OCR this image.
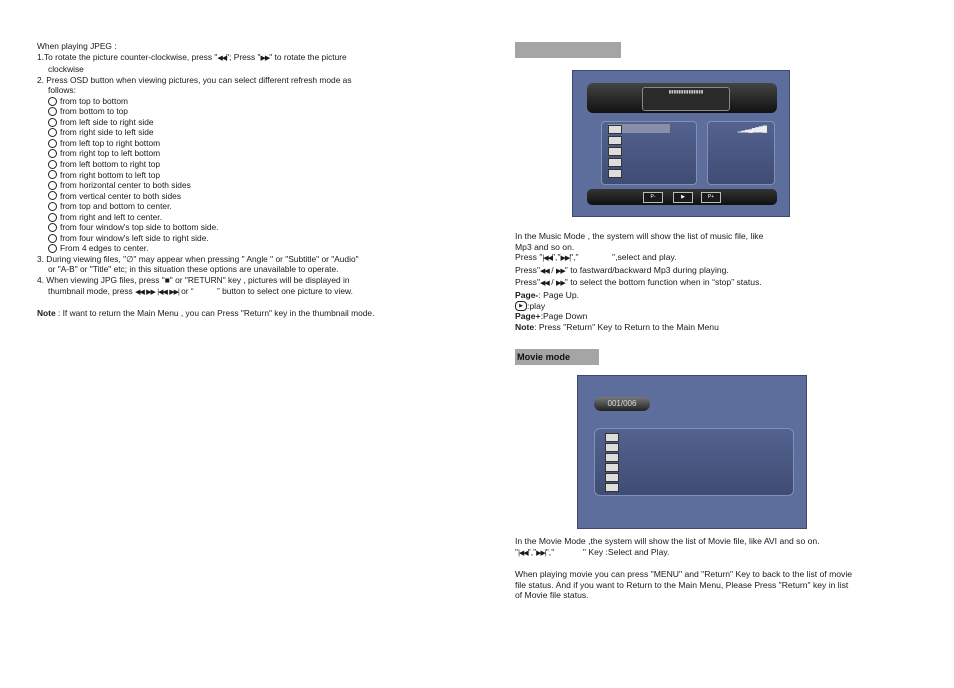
When playing JPEG :
1.To rotate the picture counter-clockwise, press "◀◀"; Press "▶▶" to rotate the picture
clockwise
2. Press OSD button when viewing pictures, you can select different refresh mode as
follows:
from top to bottom
from bottom to top
from left side to right side
from right side to left side
from left top to right bottom
from right top to left bottom
from left bottom to right top
from right bottom to left top
from horizontal center to both sides
from vertical center to both sides
from top and bottom to center.
from right and left to center.
from four window's top side to bottom side.
from four window's left side to right side.
From 4 edges to center.
3. During viewing files, "∅" may appear when pressing " Angle " or "Subtitle" or "Audio"
or "A-B" or "Title" etc; in this situation these options are unavailable to operate.
4. When viewing JPG files, press "■" or "RETURN" key , pictures will be displayed in
thumbnail mode, press ◀◀ ▶▶ |◀◀ ▶▶| or “	” button to select one picture to view.
Note : If want to return the Main Menu , you can Press "Return" key in the thumbnail mode.
▮▮▮▮▮▮▮▮▮▮▮▮▮▮
▁▂▃▄▅▆▇█
P-	▶	P+
In the Music Mode , the system will show the list of music file, like
Mp3 and so on.
Press "|◀◀","▶▶|","	",select and play.
Press"◀◀ / ▶▶" to fastward/backward Mp3 during playing.
Press"◀◀ / ▶▶" to select the bottom function when in “stop” status.
Page-: Page Up.
▶ :play
Page+:Page Down
Note: Press "Return" Key to Return to the Main Menu
Movie mode
001/006
In the Movie Mode ,the system will show the list of Movie file, like AVI and so on.
"|◀◀","▶▶|","	" Key :Select and Play.
When playing movie you can press "MENU" and "Return" Key to back to the list of movie
file status. And if you want to Return to the Main Menu, Please Press "Return" key in list
of Movie file status.
